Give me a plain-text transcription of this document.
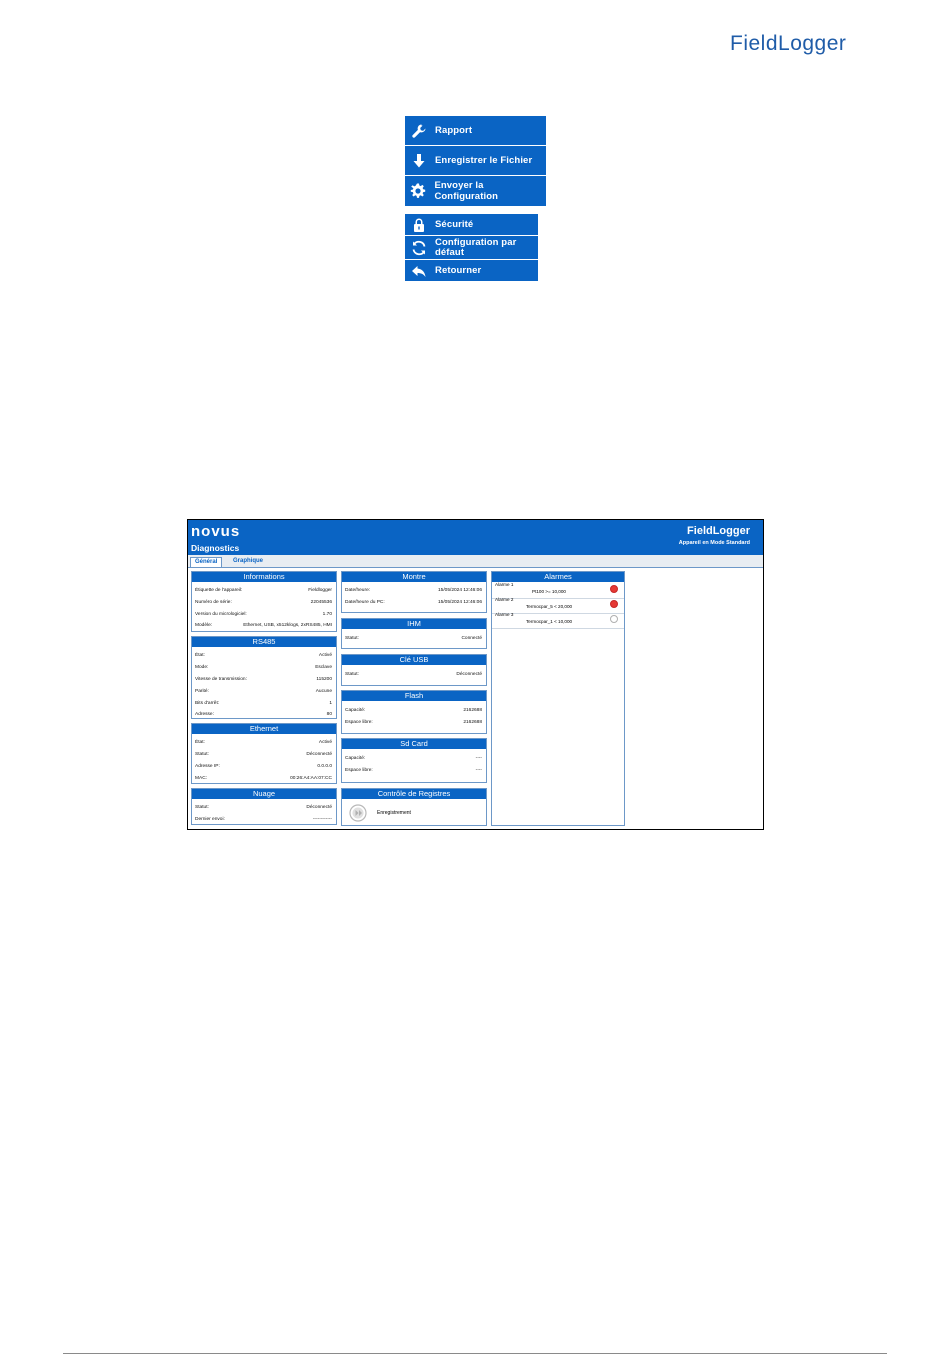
FieldLogger
Rapport
Enregistrer le Fichier
Envoyer la Configuration
Sécurité
Configuration par
défaut
Retourner
novus
Diagnostics
FieldLogger
Appareil en Mode Standard
Général	Graphique
Informations
Étiquette de l'appareil:	Fieldlogger
Numéro de série:	22045536
Version du micrologiciel:	1.70
Modèle:	Ethernet, USB, x512klogs, 2xRS485, HMI
RS485
État:	Activé
Mode:	Esclave
Vitesse de transmission:	115200
Parité:	Aucune
Bits d'arrêt:	1
Adresse:	80
Ethernet
État:	Activé
Statut:	Déconnecté
Adresse IP:	0.0.0.0
MAC:	00:26:A4:AA:07:CC
Nuage
Statut:	Déconnecté
Dernier envoi:	------------
Montre
Date/heure:	15/05/2024 12:46:06
Date/heure du PC:	15/05/2024 12:46:06
IHM
Statut:	Connecté
Clé USB
Statut:	Déconnecté
Flash
Capacité:	2162688
Espace libre:	2162688
Sd Card
Capacité:	----
Espace libre:	----
Contrôle de Registres
Enregistrement
Alarmes
Alarme 1
Pt100 >= 10,000
Alarme 2
Termocpar_5 < 20,000
Alarme 3
Termocpar_1 < 10,000
